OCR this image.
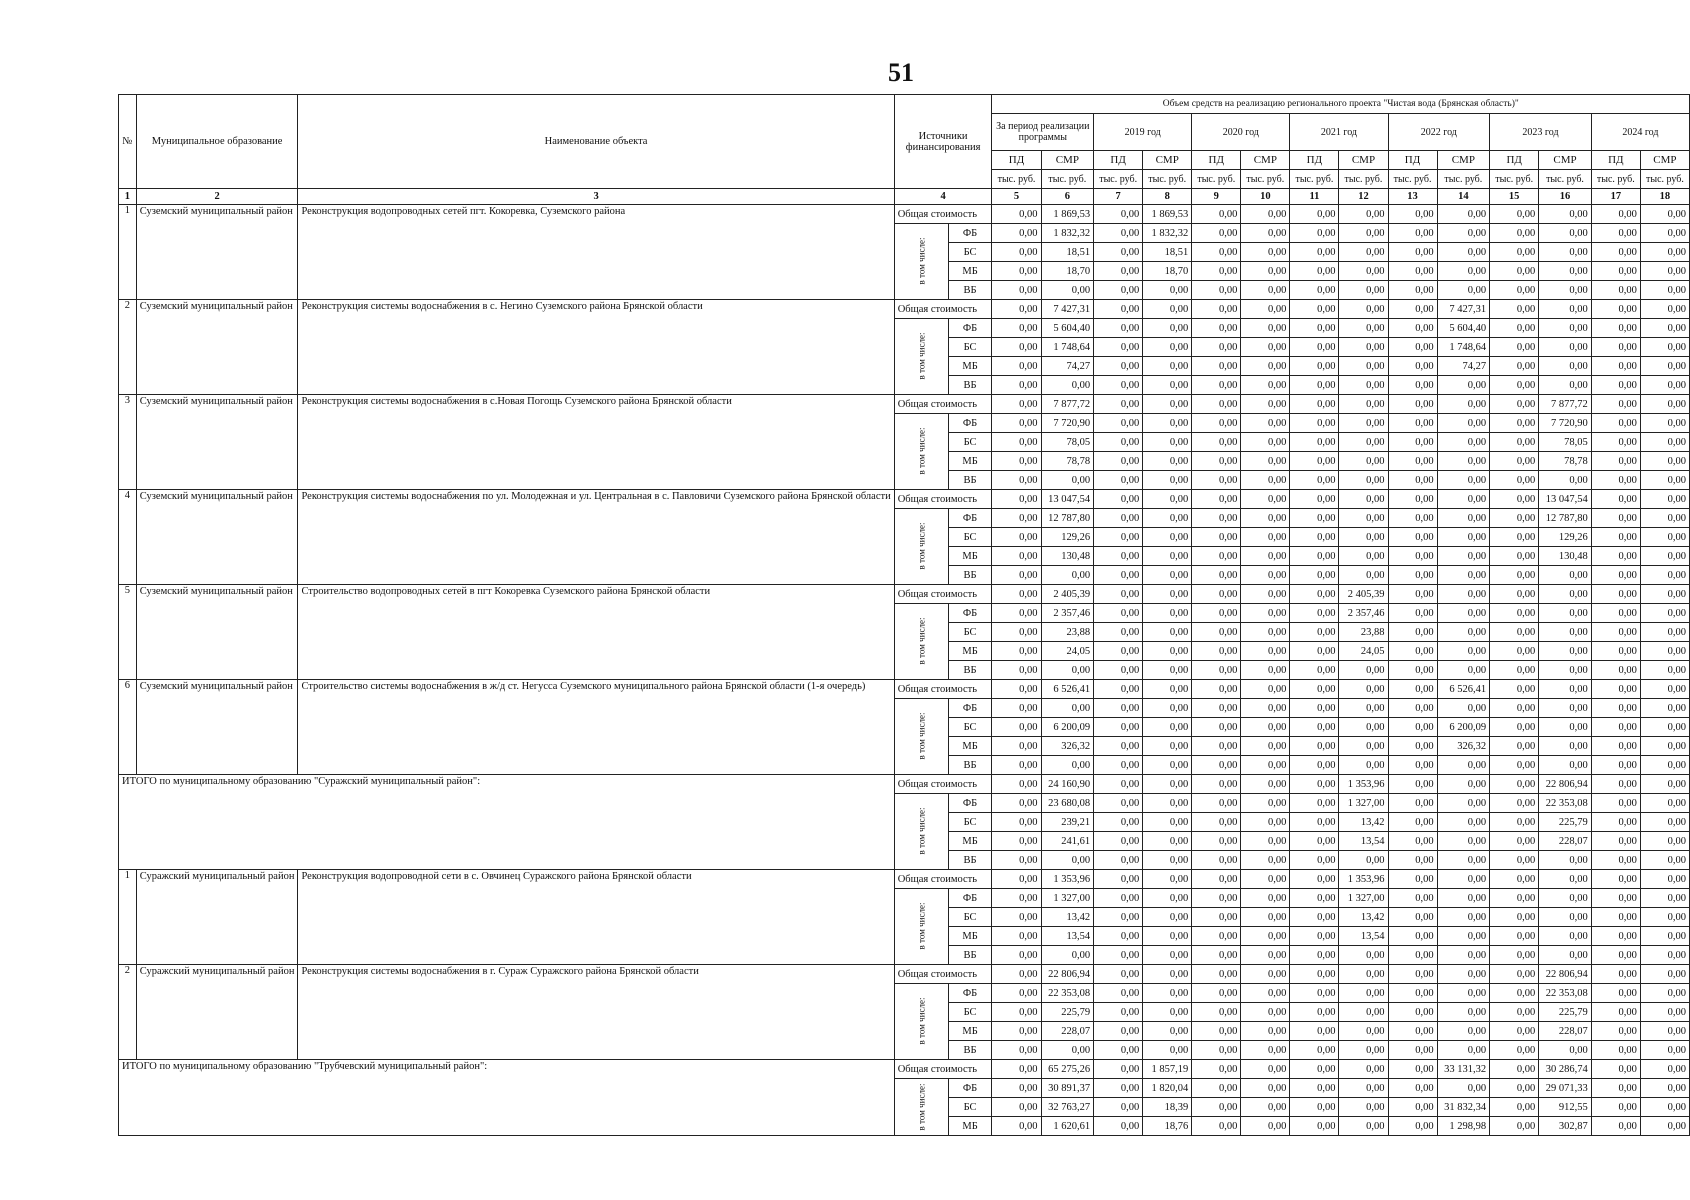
51
№	Муниципальное образование	Наименование объекта	Источники финансирования		Объем средств на реализацию регионального проекта "Чистая вода (Брянская область)"													
					За период реализации программы		2019 год		2020 год		2021 год		2022 год		2023 год		2024 год	
					ПД	СМР	ПД	СМР	ПД	СМР	ПД	СМР	ПД	СМР	ПД	СМР	ПД	СМР
					тыс. руб.	тыс. руб.	тыс. руб.	тыс. руб.	тыс. руб.	тыс. руб.	тыс. руб.	тыс. руб.	тыс. руб.	тыс. руб.	тыс. руб.	тыс. руб.	тыс. руб.	тыс. руб.
1	2	3	4		5	6	7	8	9	10	11	12	13	14	15	16	17	18
1	Суземский муниципальный район	Реконструкция водопроводных сетей пгт. Кокоревка, Суземского района	Общая стоимость		0,00	1 869,53	0,00	1 869,53	0,00	0,00	0,00	0,00	0,00	0,00	0,00	0,00	0,00	0,00
			в том числе:	ФБ	0,00	1 832,32	0,00	1 832,32	0,00	0,00	0,00	0,00	0,00	0,00	0,00	0,00	0,00	0,00
				БС	0,00	18,51	0,00	18,51	0,00	0,00	0,00	0,00	0,00	0,00	0,00	0,00	0,00	0,00
				МБ	0,00	18,70	0,00	18,70	0,00	0,00	0,00	0,00	0,00	0,00	0,00	0,00	0,00	0,00
				ВБ	0,00	0,00	0,00	0,00	0,00	0,00	0,00	0,00	0,00	0,00	0,00	0,00	0,00	0,00
2	Суземский муниципальный район	Реконструкция системы водоснабжения в с. Негино Суземского района Брянской области	Общая стоимость		0,00	7 427,31	0,00	0,00	0,00	0,00	0,00	0,00	0,00	7 427,31	0,00	0,00	0,00	0,00
			в том числе:	ФБ	0,00	5 604,40	0,00	0,00	0,00	0,00	0,00	0,00	0,00	5 604,40	0,00	0,00	0,00	0,00
				БС	0,00	1 748,64	0,00	0,00	0,00	0,00	0,00	0,00	0,00	1 748,64	0,00	0,00	0,00	0,00
				МБ	0,00	74,27	0,00	0,00	0,00	0,00	0,00	0,00	0,00	74,27	0,00	0,00	0,00	0,00
				ВБ	0,00	0,00	0,00	0,00	0,00	0,00	0,00	0,00	0,00	0,00	0,00	0,00	0,00	0,00
3	Суземский муниципальный район	Реконструкция системы водоснабжения в с.Новая Погощь Суземского района Брянской области	Общая стоимость		0,00	7 877,72	0,00	0,00	0,00	0,00	0,00	0,00	0,00	0,00	0,00	7 877,72	0,00	0,00
			в том числе:	ФБ	0,00	7 720,90	0,00	0,00	0,00	0,00	0,00	0,00	0,00	0,00	0,00	7 720,90	0,00	0,00
				БС	0,00	78,05	0,00	0,00	0,00	0,00	0,00	0,00	0,00	0,00	0,00	78,05	0,00	0,00
				МБ	0,00	78,78	0,00	0,00	0,00	0,00	0,00	0,00	0,00	0,00	0,00	78,78	0,00	0,00
				ВБ	0,00	0,00	0,00	0,00	0,00	0,00	0,00	0,00	0,00	0,00	0,00	0,00	0,00	0,00
4	Суземский муниципальный район	Реконструкция системы водоснабжения по ул. Молодежная и ул. Центральная в с. Павловичи Суземского района Брянской области	Общая стоимость		0,00	13 047,54	0,00	0,00	0,00	0,00	0,00	0,00	0,00	0,00	0,00	13 047,54	0,00	0,00
			в том числе:	ФБ	0,00	12 787,80	0,00	0,00	0,00	0,00	0,00	0,00	0,00	0,00	0,00	12 787,80	0,00	0,00
				БС	0,00	129,26	0,00	0,00	0,00	0,00	0,00	0,00	0,00	0,00	0,00	129,26	0,00	0,00
				МБ	0,00	130,48	0,00	0,00	0,00	0,00	0,00	0,00	0,00	0,00	0,00	130,48	0,00	0,00
				ВБ	0,00	0,00	0,00	0,00	0,00	0,00	0,00	0,00	0,00	0,00	0,00	0,00	0,00	0,00
5	Суземский муниципальный район	Строительство водопроводных сетей в пгт Кокоревка Суземского района Брянской области	Общая стоимость		0,00	2 405,39	0,00	0,00	0,00	0,00	0,00	2 405,39	0,00	0,00	0,00	0,00	0,00	0,00
			в том числе:	ФБ	0,00	2 357,46	0,00	0,00	0,00	0,00	0,00	2 357,46	0,00	0,00	0,00	0,00	0,00	0,00
				БС	0,00	23,88	0,00	0,00	0,00	0,00	0,00	23,88	0,00	0,00	0,00	0,00	0,00	0,00
				МБ	0,00	24,05	0,00	0,00	0,00	0,00	0,00	24,05	0,00	0,00	0,00	0,00	0,00	0,00
				ВБ	0,00	0,00	0,00	0,00	0,00	0,00	0,00	0,00	0,00	0,00	0,00	0,00	0,00	0,00
6	Суземский муниципальный район	Строительство системы водоснабжения в ж/д ст. Негусса Суземского муниципального района Брянской области (1-я очередь)	Общая стоимость		0,00	6 526,41	0,00	0,00	0,00	0,00	0,00	0,00	0,00	6 526,41	0,00	0,00	0,00	0,00
			в том числе:	ФБ	0,00	0,00	0,00	0,00	0,00	0,00	0,00	0,00	0,00	0,00	0,00	0,00	0,00	0,00
				БС	0,00	6 200,09	0,00	0,00	0,00	0,00	0,00	0,00	0,00	6 200,09	0,00	0,00	0,00	0,00
				МБ	0,00	326,32	0,00	0,00	0,00	0,00	0,00	0,00	0,00	326,32	0,00	0,00	0,00	0,00
				ВБ	0,00	0,00	0,00	0,00	0,00	0,00	0,00	0,00	0,00	0,00	0,00	0,00	0,00	0,00
ИТОГО по муниципальному образованию "Суражский муниципальный район":			Общая стоимость		0,00	24 160,90	0,00	0,00	0,00	0,00	0,00	1 353,96	0,00	0,00	0,00	22 806,94	0,00	0,00
			в том числе:	ФБ	0,00	23 680,08	0,00	0,00	0,00	0,00	0,00	1 327,00	0,00	0,00	0,00	22 353,08	0,00	0,00
				БС	0,00	239,21	0,00	0,00	0,00	0,00	0,00	13,42	0,00	0,00	0,00	225,79	0,00	0,00
				МБ	0,00	241,61	0,00	0,00	0,00	0,00	0,00	13,54	0,00	0,00	0,00	228,07	0,00	0,00
				ВБ	0,00	0,00	0,00	0,00	0,00	0,00	0,00	0,00	0,00	0,00	0,00	0,00	0,00	0,00
1	Суражский муниципальный район	Реконструкция водопроводной сети в с. Овчинец Суражского района Брянской области	Общая стоимость		0,00	1 353,96	0,00	0,00	0,00	0,00	0,00	1 353,96	0,00	0,00	0,00	0,00	0,00	0,00
			в том числе:	ФБ	0,00	1 327,00	0,00	0,00	0,00	0,00	0,00	1 327,00	0,00	0,00	0,00	0,00	0,00	0,00
				БС	0,00	13,42	0,00	0,00	0,00	0,00	0,00	13,42	0,00	0,00	0,00	0,00	0,00	0,00
				МБ	0,00	13,54	0,00	0,00	0,00	0,00	0,00	13,54	0,00	0,00	0,00	0,00	0,00	0,00
				ВБ	0,00	0,00	0,00	0,00	0,00	0,00	0,00	0,00	0,00	0,00	0,00	0,00	0,00	0,00
2	Суражский муниципальный район	Реконструкция системы водоснабжения в г. Сураж Суражского района Брянской области	Общая стоимость		0,00	22 806,94	0,00	0,00	0,00	0,00	0,00	0,00	0,00	0,00	0,00	22 806,94	0,00	0,00
			в том числе:	ФБ	0,00	22 353,08	0,00	0,00	0,00	0,00	0,00	0,00	0,00	0,00	0,00	22 353,08	0,00	0,00
				БС	0,00	225,79	0,00	0,00	0,00	0,00	0,00	0,00	0,00	0,00	0,00	225,79	0,00	0,00
				МБ	0,00	228,07	0,00	0,00	0,00	0,00	0,00	0,00	0,00	0,00	0,00	228,07	0,00	0,00
				ВБ	0,00	0,00	0,00	0,00	0,00	0,00	0,00	0,00	0,00	0,00	0,00	0,00	0,00	0,00
ИТОГО по муниципальному образованию "Трубчевский муниципальный район":			Общая стоимость		0,00	65 275,26	0,00	1 857,19	0,00	0,00	0,00	0,00	0,00	33 131,32	0,00	30 286,74	0,00	0,00
			в том числе:	ФБ	0,00	30 891,37	0,00	1 820,04	0,00	0,00	0,00	0,00	0,00	0,00	0,00	29 071,33	0,00	0,00
				БС	0,00	32 763,27	0,00	18,39	0,00	0,00	0,00	0,00	0,00	31 832,34	0,00	912,55	0,00	0,00
				МБ	0,00	1 620,61	0,00	18,76	0,00	0,00	0,00	0,00	0,00	1 298,98	0,00	302,87	0,00	0,00
